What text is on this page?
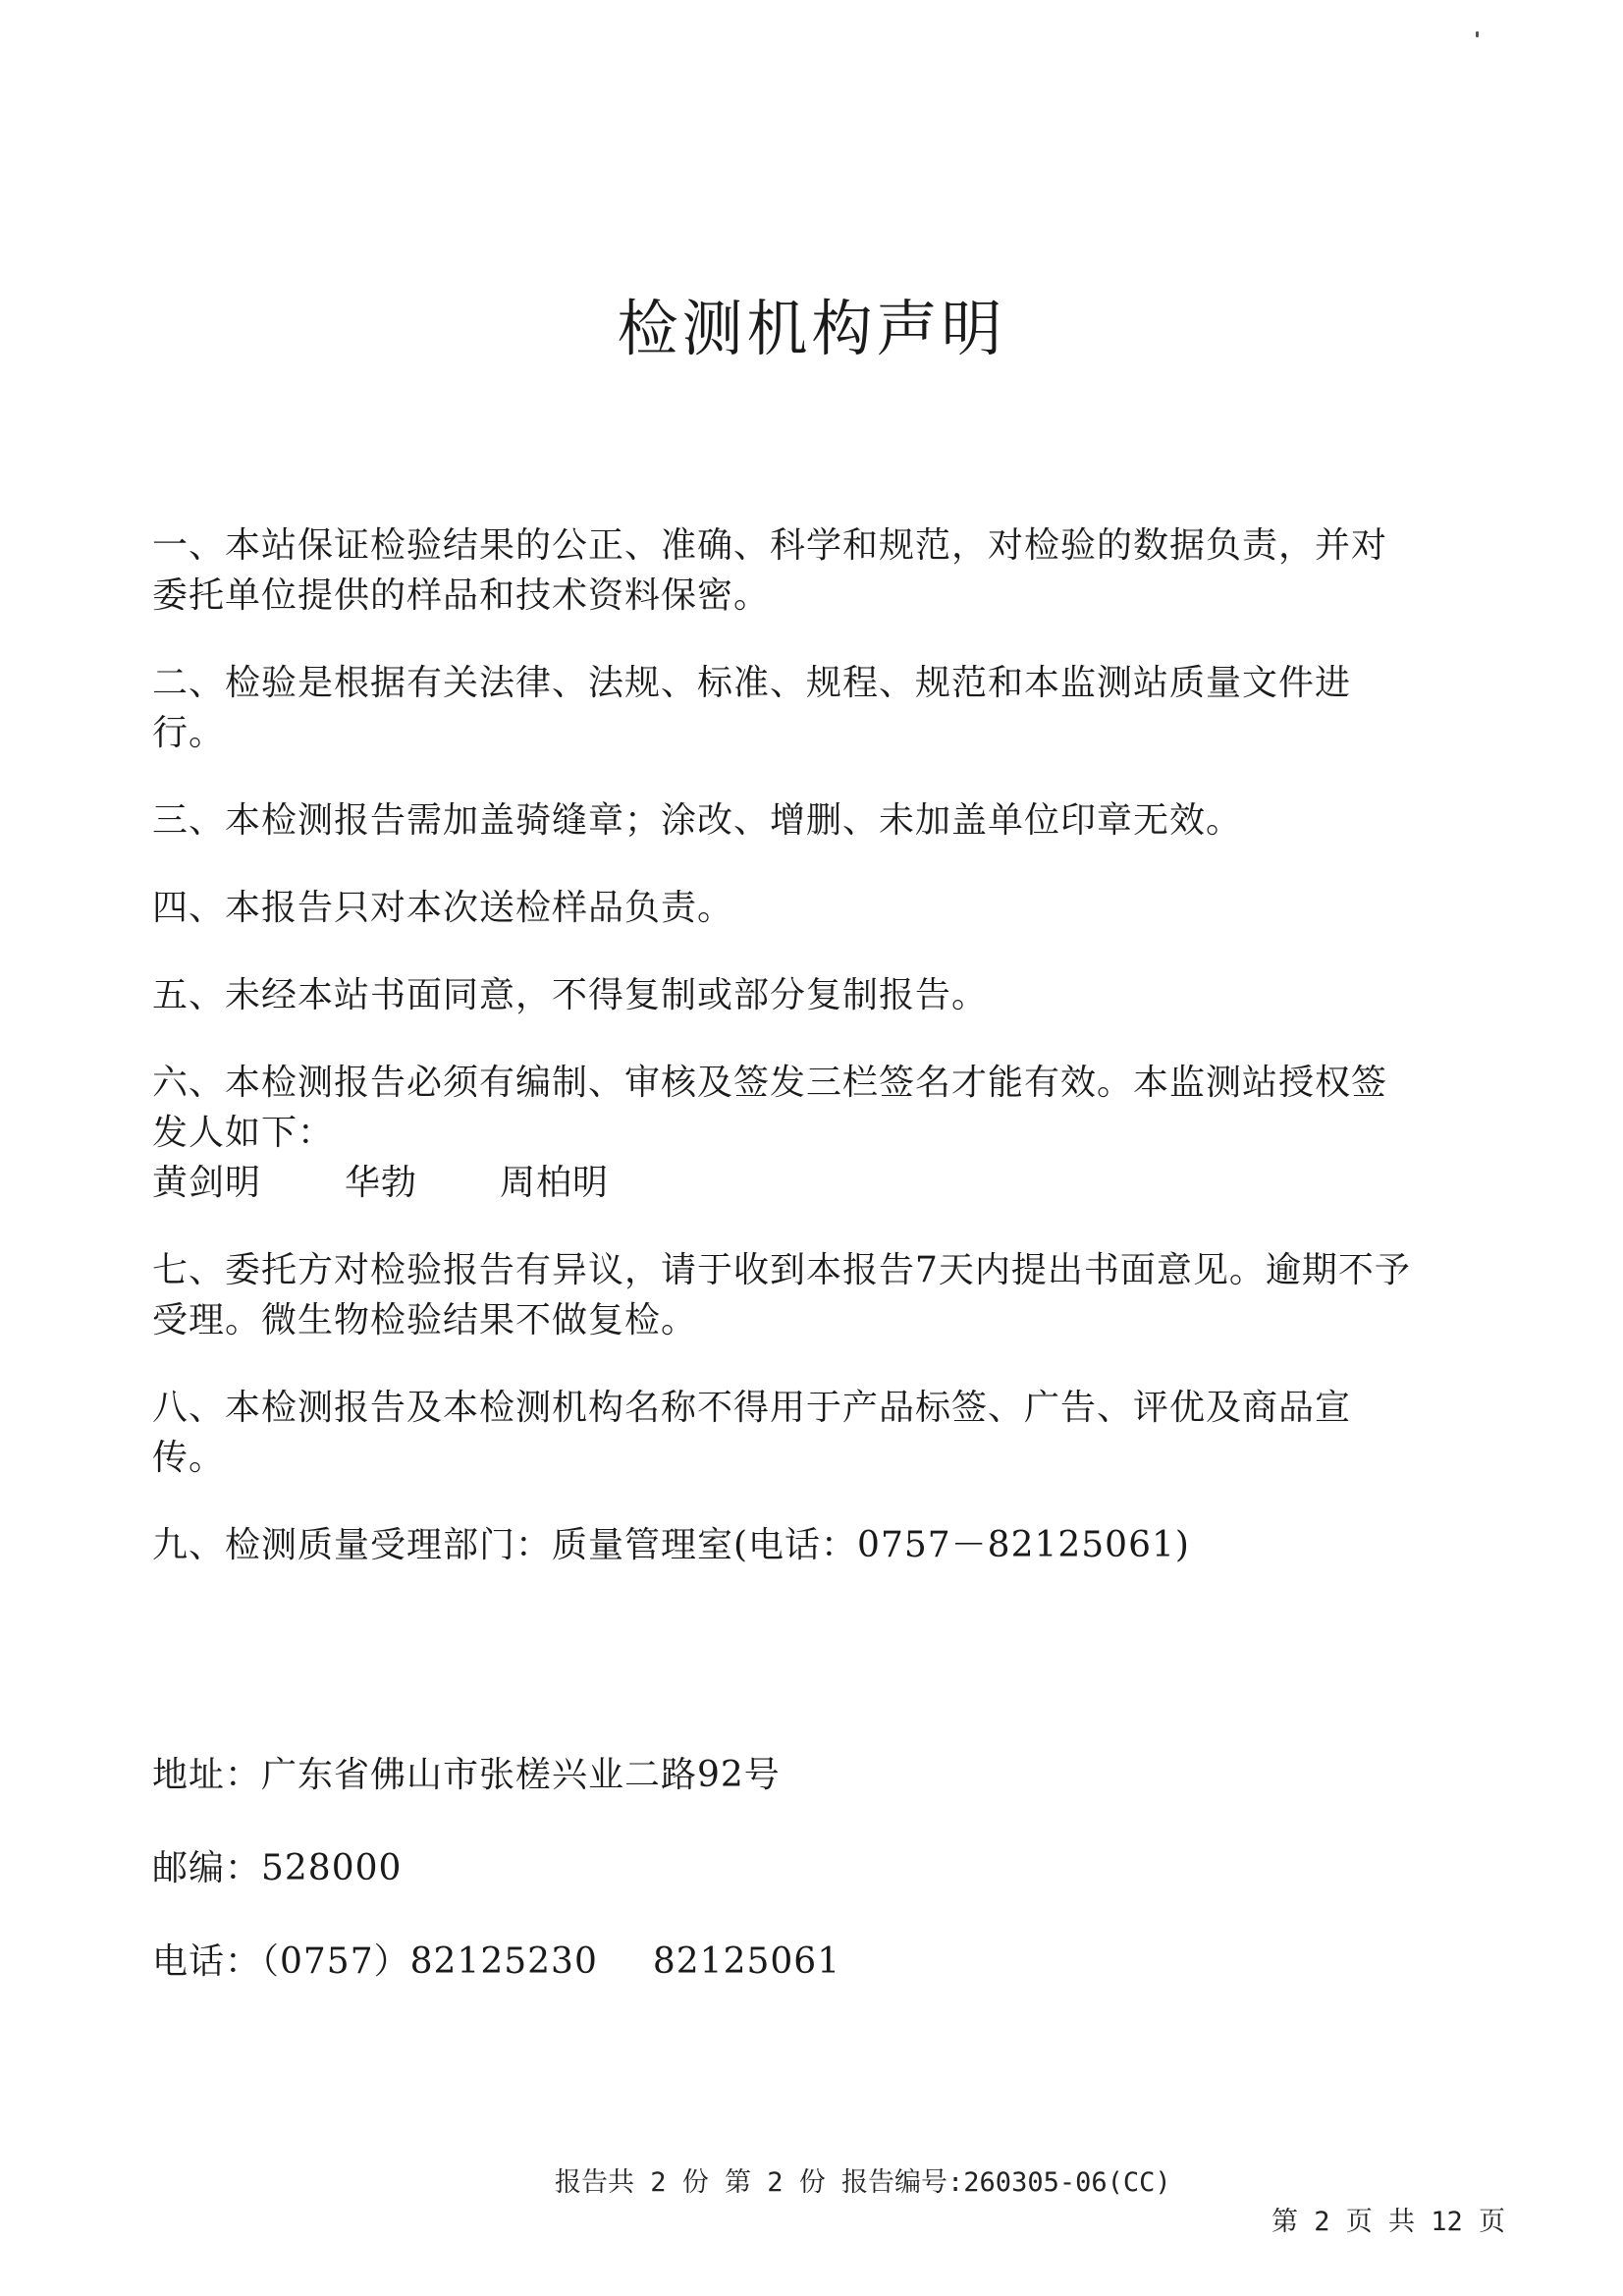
检测机构声明

一、本站保证检验结果的公正、准确、科学和规范，对检验的数据负责，并对委托单位提供的样品和技术资料保密。

二、检验是根据有关法律、法规、标准、规程、规范和本监测站质量文件进行。

三、本检测报告需加盖骑缝章；涂改、增删、未加盖单位印章无效。

四、本报告只对本次送检样品负责。

五、未经本站书面同意，不得复制或部分复制报告。

六、本检测报告必须有编制、审核及签发三栏签名才能有效。本监测站授权签发人如下：
黄剑明 华勃 周柏明

七、委托方对检验报告有异议，请于收到本报告7天内提出书面意见。逾期不予受理。微生物检验结果不做复检。

八、本检测报告及本检测机构名称不得用于产品标签、广告、评优及商品宣传。

九、检测质量受理部门：质量管理室(电话：0757－82125061)

地址：广东省佛山市张槎兴业二路92号

邮编：528000

电话：（0757）82125230 82125061

报告共 2 份 第 2 份 报告编号:260305-06(CC)
第 2 页 共 12 页
